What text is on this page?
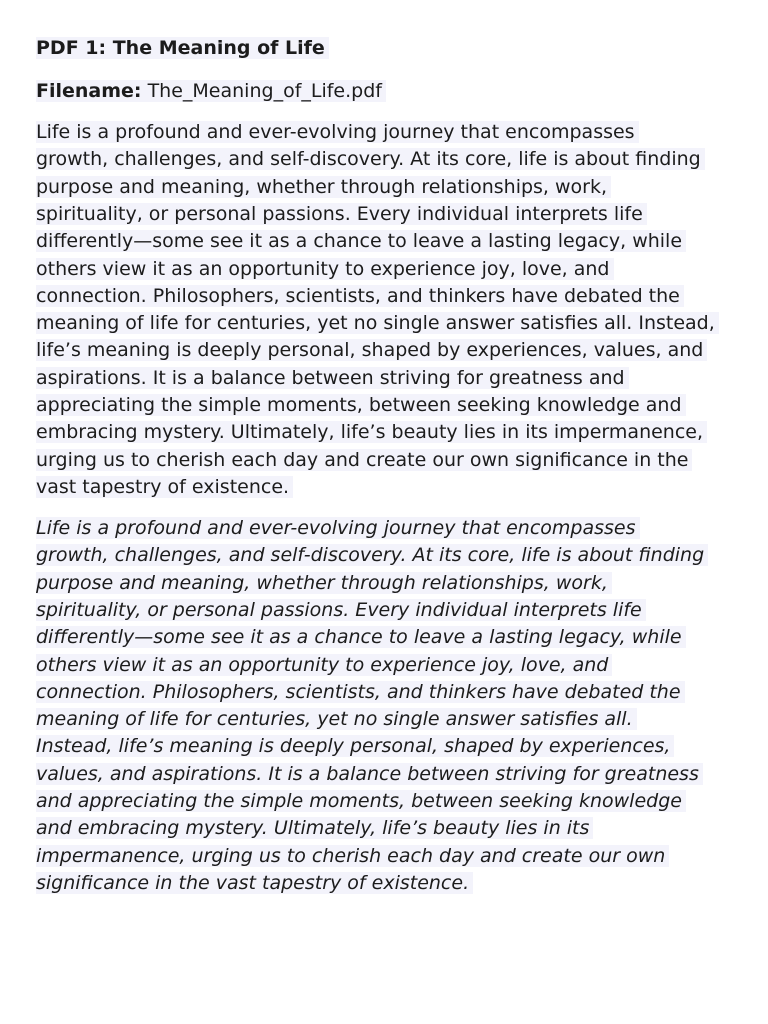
PDF 1: The Meaning of Life

Filename: The_Meaning_of_Life.pdf

Life is a profound and ever-evolving journey that encompasses
growth, challenges, and self-discovery. At its core, life is about finding
purpose and meaning, whether through relationships, work,
spirituality, or personal passions. Every individual interprets life
differently—some see it as a chance to leave a lasting legacy, while
others view it as an opportunity to experience joy, love, and
connection. Philosophers, scientists, and thinkers have debated the
meaning of life for centuries, yet no single answer satisfies all. Instead,
life’s meaning is deeply personal, shaped by experiences, values, and
aspirations. It is a balance between striving for greatness and
appreciating the simple moments, between seeking knowledge and
embracing mystery. Ultimately, life’s beauty lies in its impermanence,
urging us to cherish each day and create our own significance in the
vast tapestry of existence.
Life is a profound and ever-evolving journey that encompasses
growth, challenges, and self-discovery. At its core, life is about finding
purpose and meaning, whether through relationships, work,
spirituality, or personal passions. Every individual interprets life
differently—some see it as a chance to leave a lasting legacy, while
others view it as an opportunity to experience joy, love, and
connection. Philosophers, scientists, and thinkers have debated the
meaning of life for centuries, yet no single answer satisfies all.
Instead, life’s meaning is deeply personal, shaped by experiences,
values, and aspirations. It is a balance between striving for greatness
and appreciating the simple moments, between seeking knowledge
and embracing mystery. Ultimately, life’s beauty lies in its
impermanence, urging us to cherish each day and create our own
significance in the vast tapestry of existence.
